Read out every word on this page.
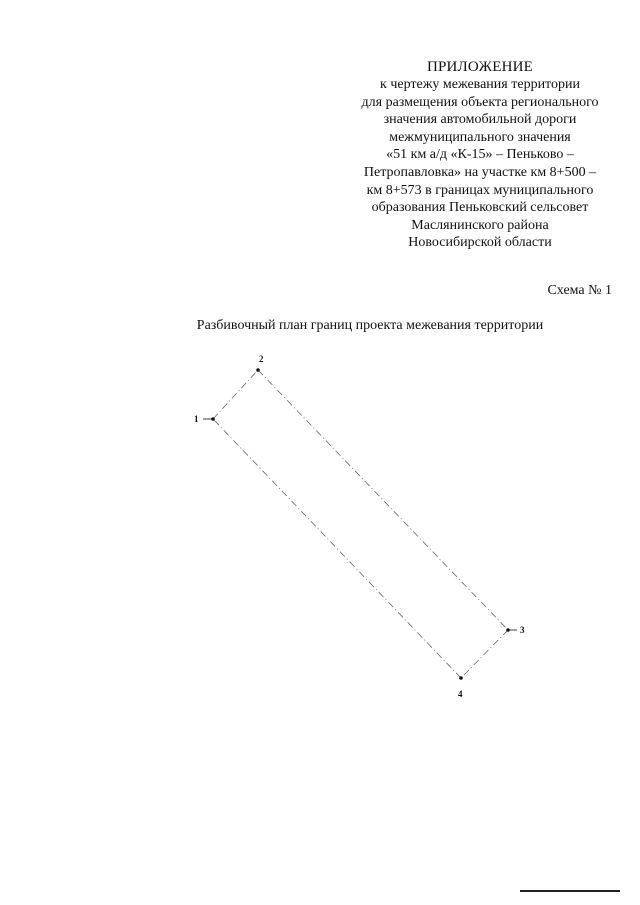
ПРИЛОЖЕНИЕ
к чертежу межевания территории
для размещения объекта регионального
значения автомобильной дороги
межмуниципального значения
«51 км а/д «К-15» – Пеньково –
Петропавловка» на участке км 8+500 –
км 8+573 в границах муниципального
образования Пеньковский сельсовет
Маслянинского района
Новосибирской области
Схема № 1
Разбивочный план границ проекта межевания территории
1
2
3
4
